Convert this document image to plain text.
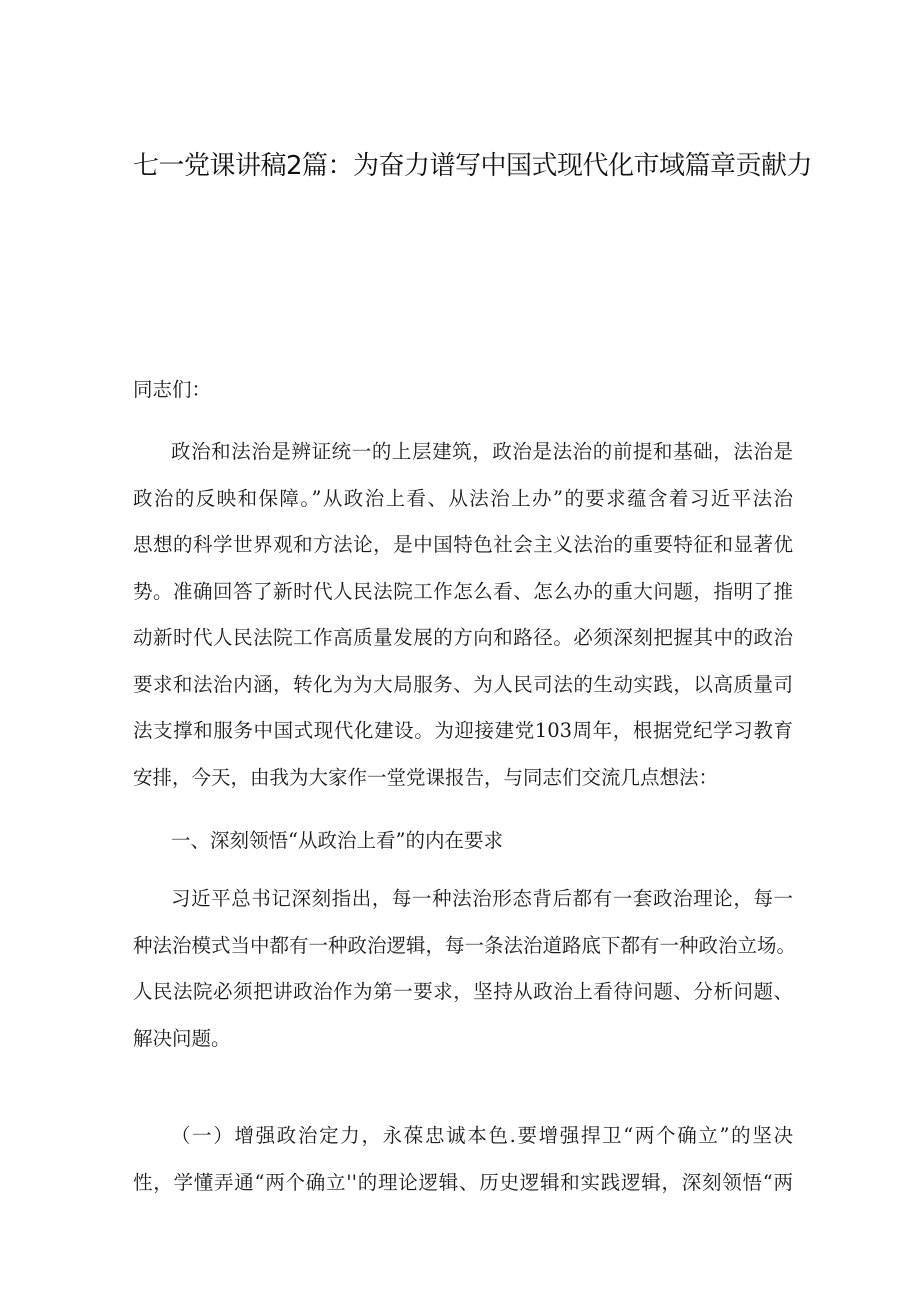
七一党课讲稿2篇：为奋力谱写中国式现代化市域篇章贡献力
同志们：
政治和法治是辨证统一的上层建筑，政治是法治的前提和基础，法治是
政治的反映和保障。”从政治上看、从法治上办”的要求蕴含着习近平法治
思想的科学世界观和方法论，是中国特色社会主义法治的重要特征和显著优
势。准确回答了新时代人民法院工作怎么看、怎么办的重大问题，指明了推
动新时代人民法院工作高质量发展的方向和路径。必须深刻把握其中的政治
要求和法治内涵，转化为为大局服务、为人民司法的生动实践，以高质量司
法支撑和服务中国式现代化建设。为迎接建党103周年，根据党纪学习教育
安排，今天，由我为大家作一堂党课报告，与同志们交流几点想法：
一、深刻领悟“从政治上看”的内在要求
习近平总书记深刻指出，每一种法治形态背后都有一套政治理论，每一
种法治模式当中都有一种政治逻辑，每一条法治道路底下都有一种政治立场。
人民法院必须把讲政治作为第一要求，坚持从政治上看待问题、分析问题、
解决问题。
（一）增强政治定力，永葆忠诚本色.要增强捍卫“两个确立”的坚决
性，学懂弄通“两个确立''的理论逻辑、历史逻辑和实践逻辑，深刻领悟“两
